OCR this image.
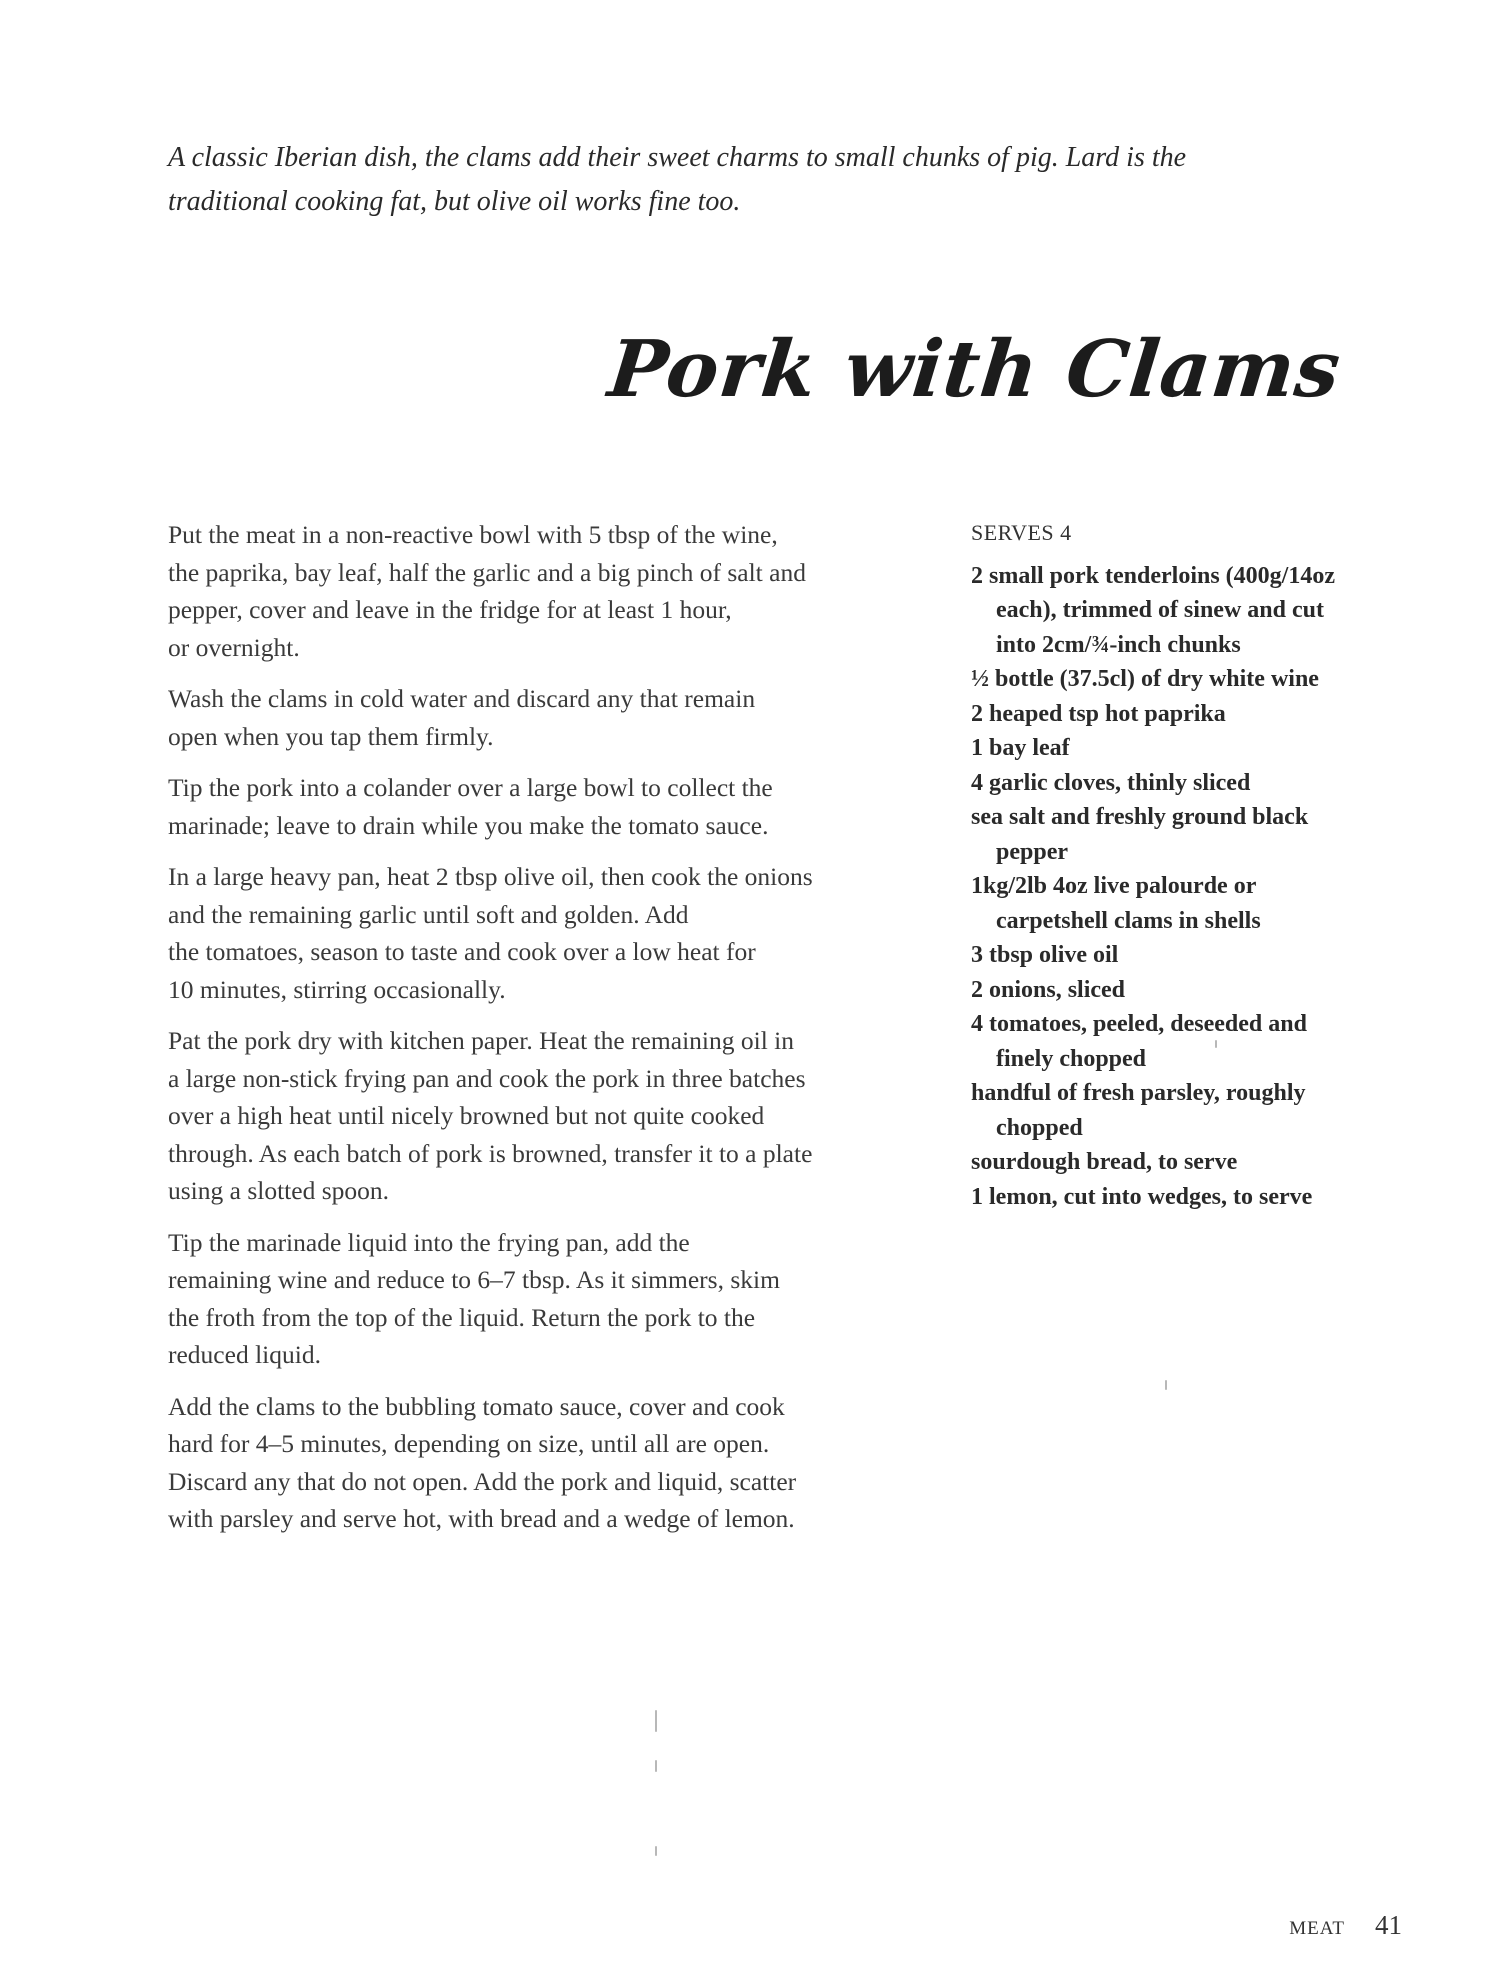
A classic Iberian dish, the clams add their sweet charms to small chunks of pig. Lard is the

traditional cooking fat, but olive oil works fine too.

Pork with Clams

Put the meat in a non-reactive bowl with 5 tbsp of the wine,
the paprika, bay leaf, half the garlic and a big pinch of salt and
pepper, cover and leave in the fridge for at least 1 hour,
or overnight.

Wash the clams in cold water and discard any that remain
open when you tap them firmly.

Tip the pork into a colander over a large bowl to collect the
marinade; leave to drain while you make the tomato sauce.

In a large heavy pan, heat 2 tbsp olive oil, then cook the onions
and the remaining garlic until soft and golden. Add
the tomatoes, season to taste and cook over a low heat for
10 minutes, stirring occasionally.

Pat the pork dry with kitchen paper. Heat the remaining oil in
a large non-stick frying pan and cook the pork in three batches
over a high heat until nicely browned but not quite cooked
through. As each batch of pork is browned, transfer it to a plate
using a slotted spoon.

Tip the marinade liquid into the frying pan, add the
remaining wine and reduce to 6–7 tbsp. As it simmers, skim
the froth from the top of the liquid. Return the pork to the
reduced liquid.

Add the clams to the bubbling tomato sauce, cover and cook
hard for 4–5 minutes, depending on size, until all are open.
Discard any that do not open. Add the pork and liquid, scatter
with parsley and serve hot, with bread and a wedge of lemon.

SERVES 4
2 small pork tenderloins (400g/14oz each), trimmed of sinew and cut into 2cm/¾-inch chunks
½ bottle (37.5cl) of dry white wine
2 heaped tsp hot paprika
1 bay leaf
4 garlic cloves, thinly sliced
sea salt and freshly ground black pepper
1kg/2lb 4oz live palourde or carpetshell clams in shells
3 tbsp olive oil
2 onions, sliced
4 tomatoes, peeled, deseeded and finely chopped
handful of fresh parsley, roughly chopped
sourdough bread, to serve
1 lemon, cut into wedges, to serve
MEAT 41
